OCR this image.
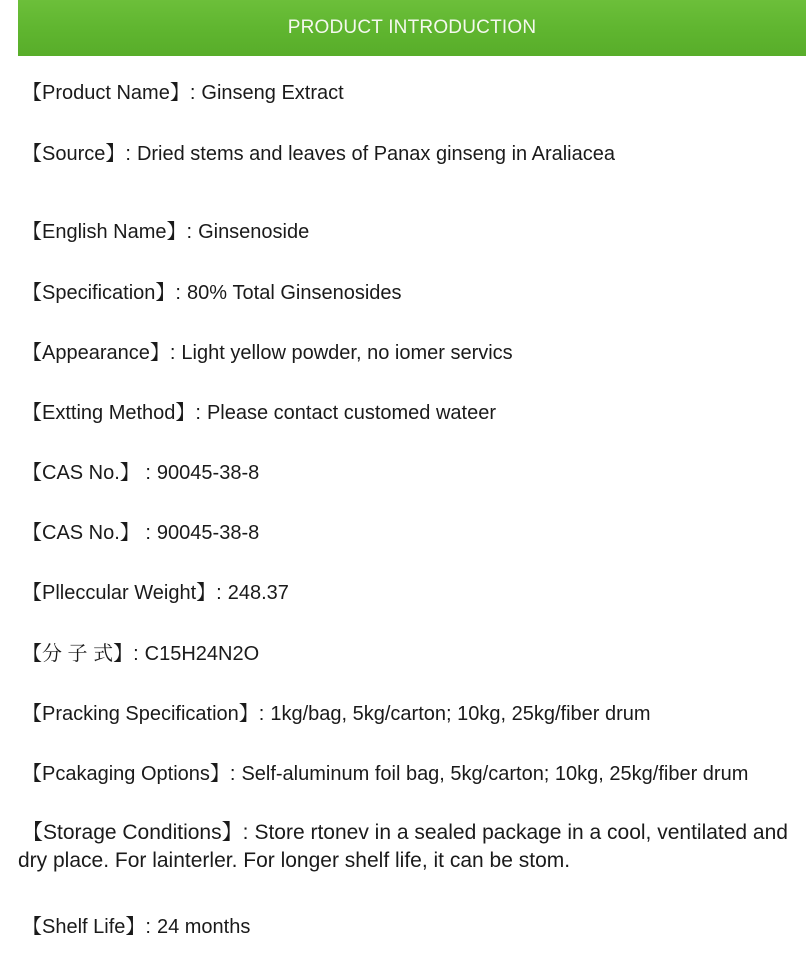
PRODUCT INTRODUCTION
【Product Name】: Ginseng Extract
【Source】: Dried stems and leaves of Panax ginseng in Araliacea
【English Name】: Ginsenoside
【Specification】: 80% Total Ginsenosides
【Appearance】: Light yellow powder, no iomer servics
【Extting Method】: Please contact customed wateer
【CAS No.】 : 90045-38-8
【CAS No.】 : 90045-38-8
【Plleccular Weight】: 248.37
【分 子 式】: C15H24N2O
【Pracking Specification】: 1kg/bag, 5kg/carton; 10kg, 25kg/fiber drum
【Pcakaging Options】: Self-aluminum foil bag, 5kg/carton; 10kg, 25kg/fiber drum
【Storage Conditions】: Store rtonev in a sealed package in a cool, ventilated and dry place. For lainterler. For longer shelf life, it can be stom.
【Shelf Life】: 24 months
